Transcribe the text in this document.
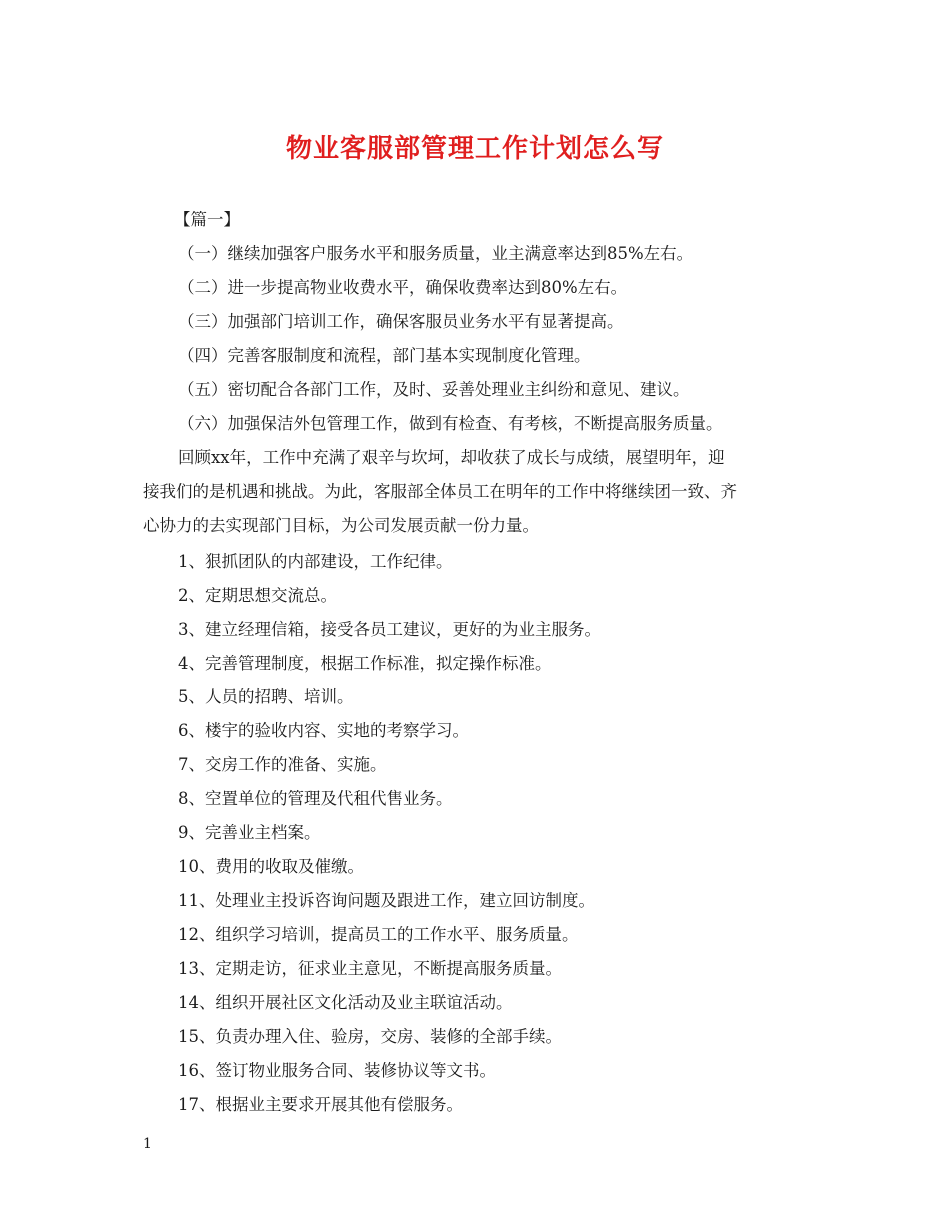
物业客服部管理工作计划怎么写
【篇一】
（一）继续加强客户服务水平和服务质量，业主满意率达到85%左右。
（二）进一步提高物业收费水平，确保收费率达到80%左右。
（三）加强部门培训工作，确保客服员业务水平有显著提高。
（四）完善客服制度和流程，部门基本实现制度化管理。
（五）密切配合各部门工作，及时、妥善处理业主纠纷和意见、建议。
（六）加强保洁外包管理工作，做到有检查、有考核，不断提高服务质量。
回顾xx年，工作中充满了艰辛与坎坷，却收获了成长与成绩，展望明年，迎
接我们的是机遇和挑战。为此，客服部全体员工在明年的工作中将继续团一致、齐
心协力的去实现部门目标，为公司发展贡献一份力量。
1、狠抓团队的内部建设，工作纪律。
2、定期思想交流总。
3、建立经理信箱，接受各员工建议，更好的为业主服务。
4、完善管理制度，根据工作标准，拟定操作标准。
5、人员的招聘、培训。
6、楼宇的验收内容、实地的考察学习。
7、交房工作的准备、实施。
8、空置单位的管理及代租代售业务。
9、完善业主档案。
10、费用的收取及催缴。
11、处理业主投诉咨询问题及跟进工作，建立回访制度。
12、组织学习培训，提高员工的工作水平、服务质量。
13、定期走访，征求业主意见，不断提高服务质量。
14、组织开展社区文化活动及业主联谊活动。
15、负责办理入住、验房，交房、装修的全部手续。
16、签订物业服务合同、装修协议等文书。
17、根据业主要求开展其他有偿服务。
1
